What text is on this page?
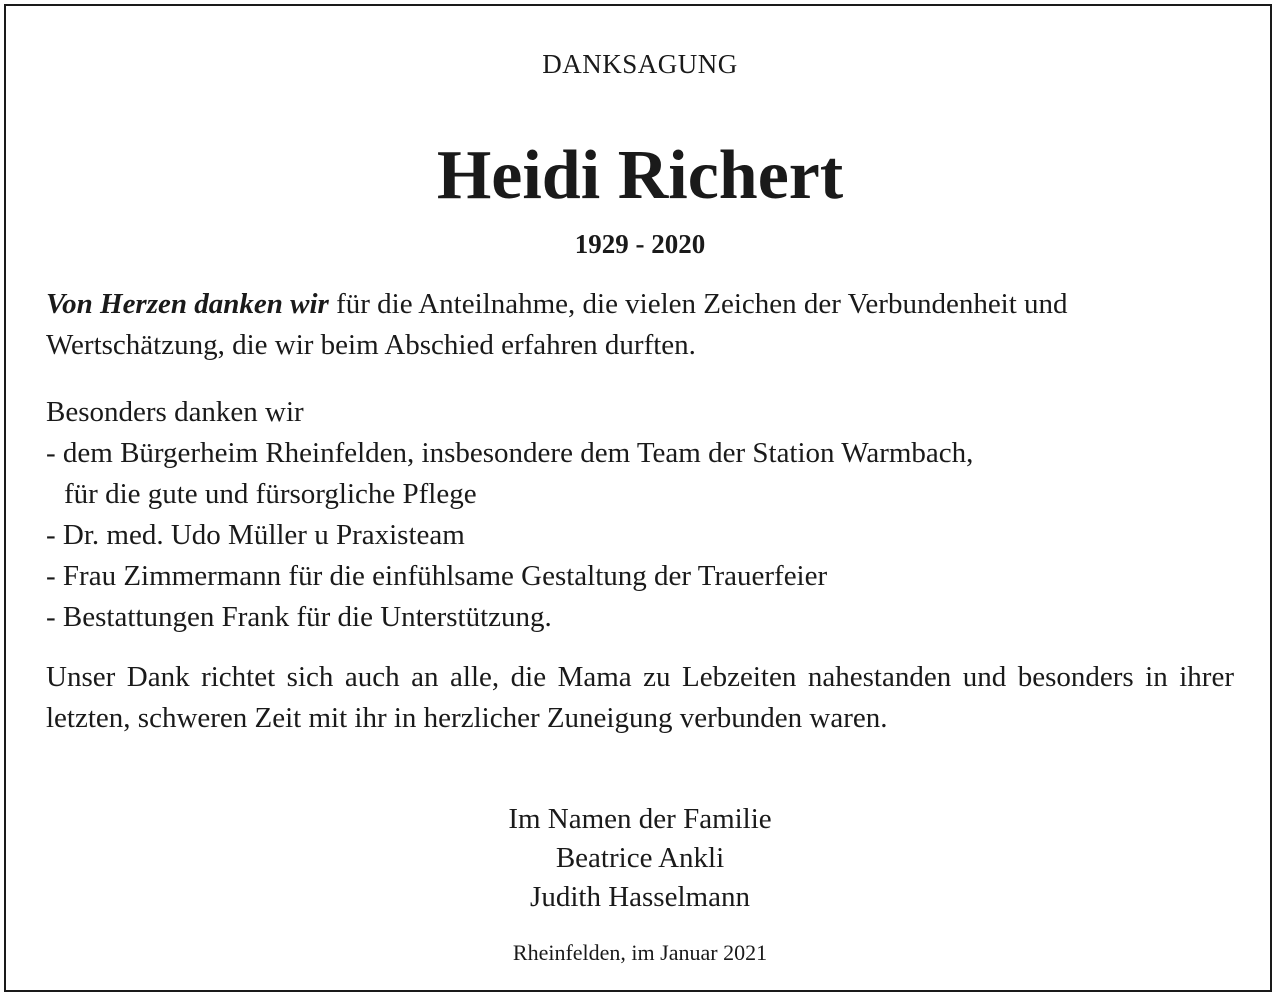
DANKSAGUNG
Heidi Richert
1929 - 2020
Von Herzen danken wir für die Anteilnahme, die vielen Zeichen der Verbundenheit und Wertschätzung, die wir beim Abschied erfahren durften.
Besonders danken wir
- dem Bürgerheim Rheinfelden, insbesondere dem Team der Station Warmbach,
für die gute und fürsorgliche Pflege
- Dr. med. Udo Müller u Praxisteam
- Frau Zimmermann für die einfühlsame Gestaltung der Trauerfeier
- Bestattungen Frank für die Unterstützung.
Unser Dank richtet sich auch an alle, die Mama zu Lebzeiten nahestanden und besonders in ihrer letzten, schweren Zeit mit ihr in herzlicher Zuneigung verbunden waren.
Im Namen der Familie
Beatrice Ankli
Judith Hasselmann
Rheinfelden, im Januar 2021
